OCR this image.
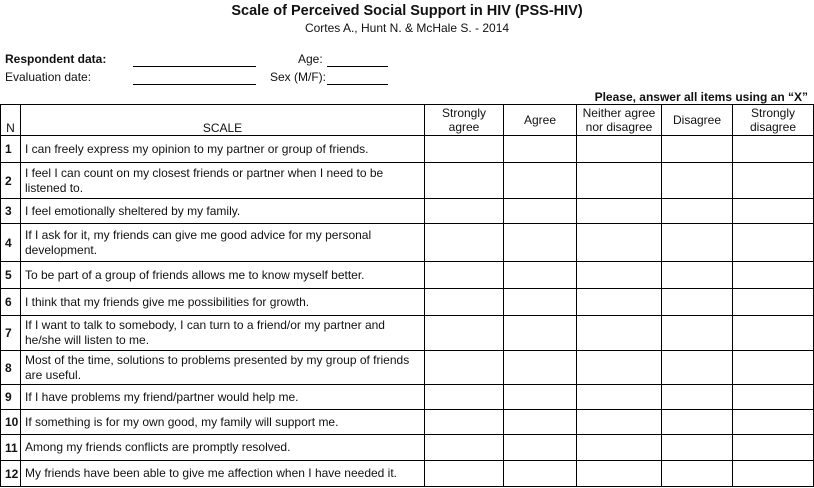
Scale of Perceived Social Support in HIV (PSS-HIV)
Cortes A., Hunt N. & McHale S. - 2014
Respondent data:	Age:
Evaluation date:	Sex (M/F):
Please, answer all items using an “X”
N	SCALE	Strongly agree	Agree	Neither agree nor disagree	Disagree	Strongly disagree
1	I can freely express my opinion to my partner or group of friends.					
2	I feel I can count on my closest friends or partner when I need to be listened to.					
3	I feel emotionally sheltered by my family.					
4	If I ask for it, my friends can give me good advice for my personal development.					
5	To be part of a group of friends allows me to know myself better.					
6	I think that my friends give me possibilities for growth.					
7	If I want to talk to somebody, I can turn to a friend/or my partner and he/she will listen to me.					
8	Most of the time, solutions to problems presented by my group of friends are useful.					
9	If I have problems my friend/partner would help me.					
10	If something is for my own good, my family will support me.					
11	Among my friends conflicts are promptly resolved.					
12	My friends have been able to give me affection when I have needed it.					
